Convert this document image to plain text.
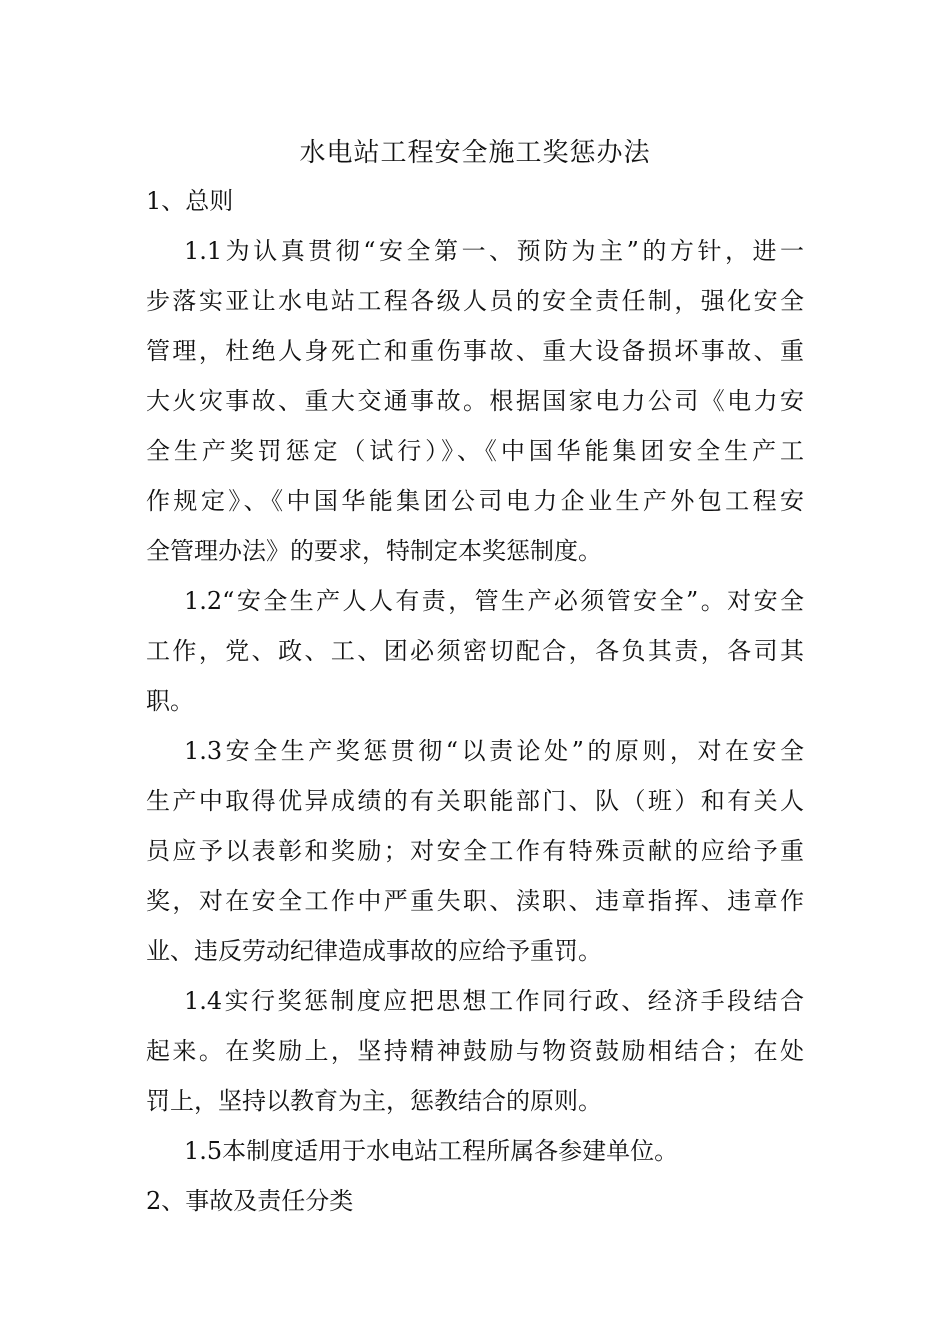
水电站工程安全施工奖惩办法
1、总则
1.1为认真贯彻“安全第一、预防为主”的方针，进一
步落实亚让水电站工程各级人员的安全责任制，强化安全
管理，杜绝人身死亡和重伤事故、重大设备损坏事故、重
大火灾事故、重大交通事故。根据国家电力公司《电力安
全生产奖罚惩定（试行）》、《中国华能集团安全生产工
作规定》、《中国华能集团公司电力企业生产外包工程安
全管理办法》的要求，特制定本奖惩制度。
1.2“安全生产人人有责，管生产必须管安全”。对安全
工作，党、政、工、团必须密切配合，各负其责，各司其
职。
1.3安全生产奖惩贯彻“以责论处”的原则，对在安全
生产中取得优异成绩的有关职能部门、队（班）和有关人
员应予以表彰和奖励；对安全工作有特殊贡献的应给予重
奖，对在安全工作中严重失职、渎职、违章指挥、违章作
业、违反劳动纪律造成事故的应给予重罚。
1.4实行奖惩制度应把思想工作同行政、经济手段结合
起来。在奖励上，坚持精神鼓励与物资鼓励相结合；在处
罚上，坚持以教育为主，惩教结合的原则。
1.5本制度适用于水电站工程所属各参建单位。
2、事故及责任分类
